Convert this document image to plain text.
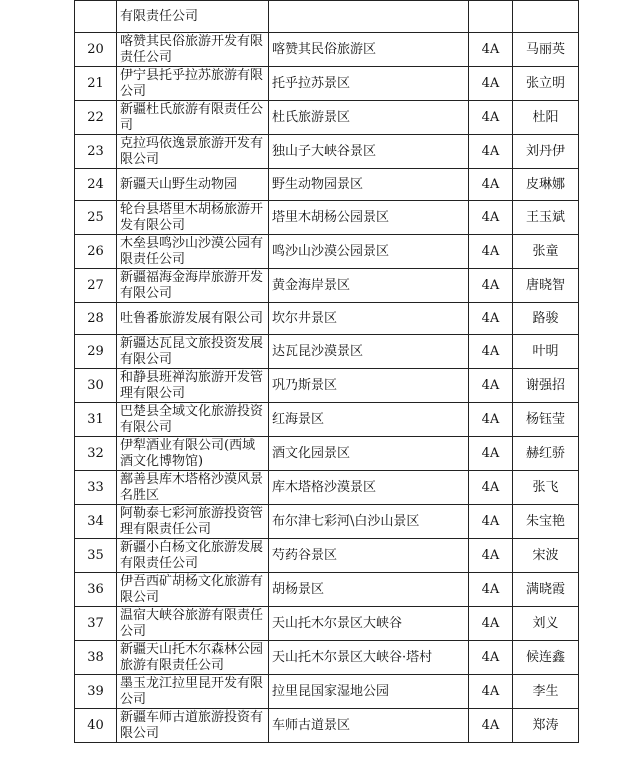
	有限责任公司			
20	喀赞其民俗旅游开发有限责任公司	喀赞其民俗旅游区	4A	马丽英
21	伊宁县托乎拉苏旅游有限公司	托乎拉苏景区	4A	张立明
22	新疆杜氏旅游有限责任公司	杜氏旅游景区	4A	杜阳
23	克拉玛依逸景旅游开发有限公司	独山子大峡谷景区	4A	刘丹伊
24	新疆天山野生动物园	野生动物园景区	4A	皮琳娜
25	轮台县塔里木胡杨旅游开发有限公司	塔里木胡杨公园景区	4A	王玉斌
26	木垒县鸣沙山沙漠公园有限责任公司	鸣沙山沙漠公园景区	4A	张童
27	新疆福海金海岸旅游开发有限公司	黄金海岸景区	4A	唐晓智
28	吐鲁番旅游发展有限公司	坎尔井景区	4A	路骏
29	新疆达瓦昆文旅投资发展有限公司	达瓦昆沙漠景区	4A	叶明
30	和静县班禅沟旅游开发管理有限公司	巩乃斯景区	4A	谢强招
31	巴楚县全域文化旅游投资有限公司	红海景区	4A	杨钰莹
32	伊犁酒业有限公司(西域酒文化博物馆)	酒文化园景区	4A	赫红骄
33	鄯善县库木塔格沙漠风景名胜区	库木塔格沙漠景区	4A	张飞
34	阿勒泰七彩河旅游投资管理有限责任公司	布尔津七彩河\白沙山景区	4A	朱宝艳
35	新疆小白杨文化旅游发展有限责任公司	芍药谷景区	4A	宋波
36	伊吾西矿胡杨文化旅游有限公司	胡杨景区	4A	满晓霞
37	温宿大峡谷旅游有限责任公司	天山托木尔景区大峡谷	4A	刘义
38	新疆天山托木尔森林公园旅游有限责任公司	天山托木尔景区大峡谷·塔村	4A	候连鑫
39	墨玉龙江拉里昆开发有限公司	拉里昆国家湿地公园	4A	李生
40	新疆车师古道旅游投资有限公司	车师古道景区	4A	郑涛
